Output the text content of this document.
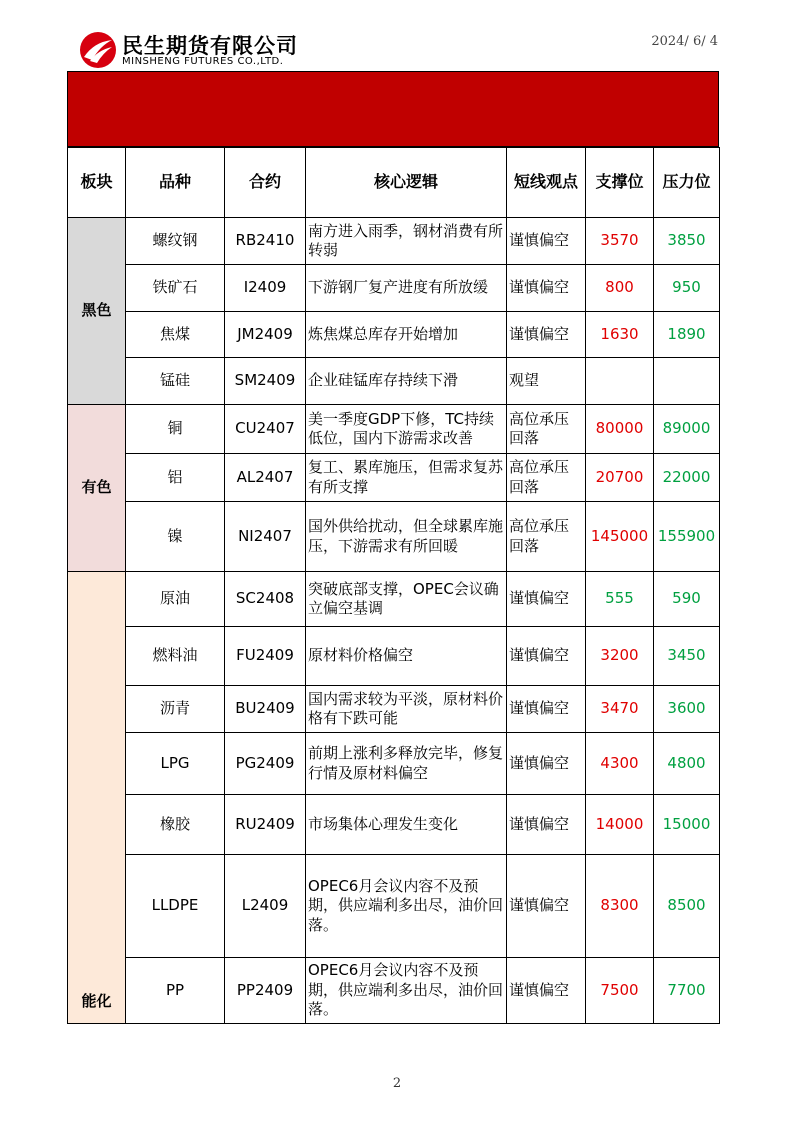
民生期货有限公司
MINSHENG FUTURES CO.,LTD.
2024/ 6/ 4
板块	品种	合约	核心逻辑	短线观点	支撑位	压力位
黑色	螺纹钢	RB2410	南方进入雨季，钢材消费有所转弱	谨慎偏空	3570	3850
	铁矿石	I2409	下游钢厂复产进度有所放缓	谨慎偏空	800	950
	焦煤	JM2409	炼焦煤总库存开始增加	谨慎偏空	1630	1890
	锰硅	SM2409	企业硅锰库存持续下滑	观望		
有色	铜	CU2407	美一季度GDP下修，TC持续低位，国内下游需求改善	高位承压回落	80000	89000
	铝	AL2407	复工、累库施压，但需求复苏有所支撑	高位承压回落	20700	22000
	镍	NI2407	国外供给扰动，但全球累库施压，下游需求有所回暖	高位承压回落	145000	155900
能化	原油	SC2408	突破底部支撑，OPEC会议确立偏空基调	谨慎偏空	555	590
	燃料油	FU2409	原材料价格偏空	谨慎偏空	3200	3450
	沥青	BU2409	国内需求较为平淡，原材料价格有下跌可能	谨慎偏空	3470	3600
	LPG	PG2409	前期上涨利多释放完毕，修复行情及原材料偏空	谨慎偏空	4300	4800
	橡胶	RU2409	市场集体心理发生变化	谨慎偏空	14000	15000
	LLDPE	L2409	OPEC6月会议内容不及预期，供应端利多出尽，油价回落。	谨慎偏空	8300	8500
	PP	PP2409	OPEC6月会议内容不及预期，供应端利多出尽，油价回落。	谨慎偏空	7500	7700
2
